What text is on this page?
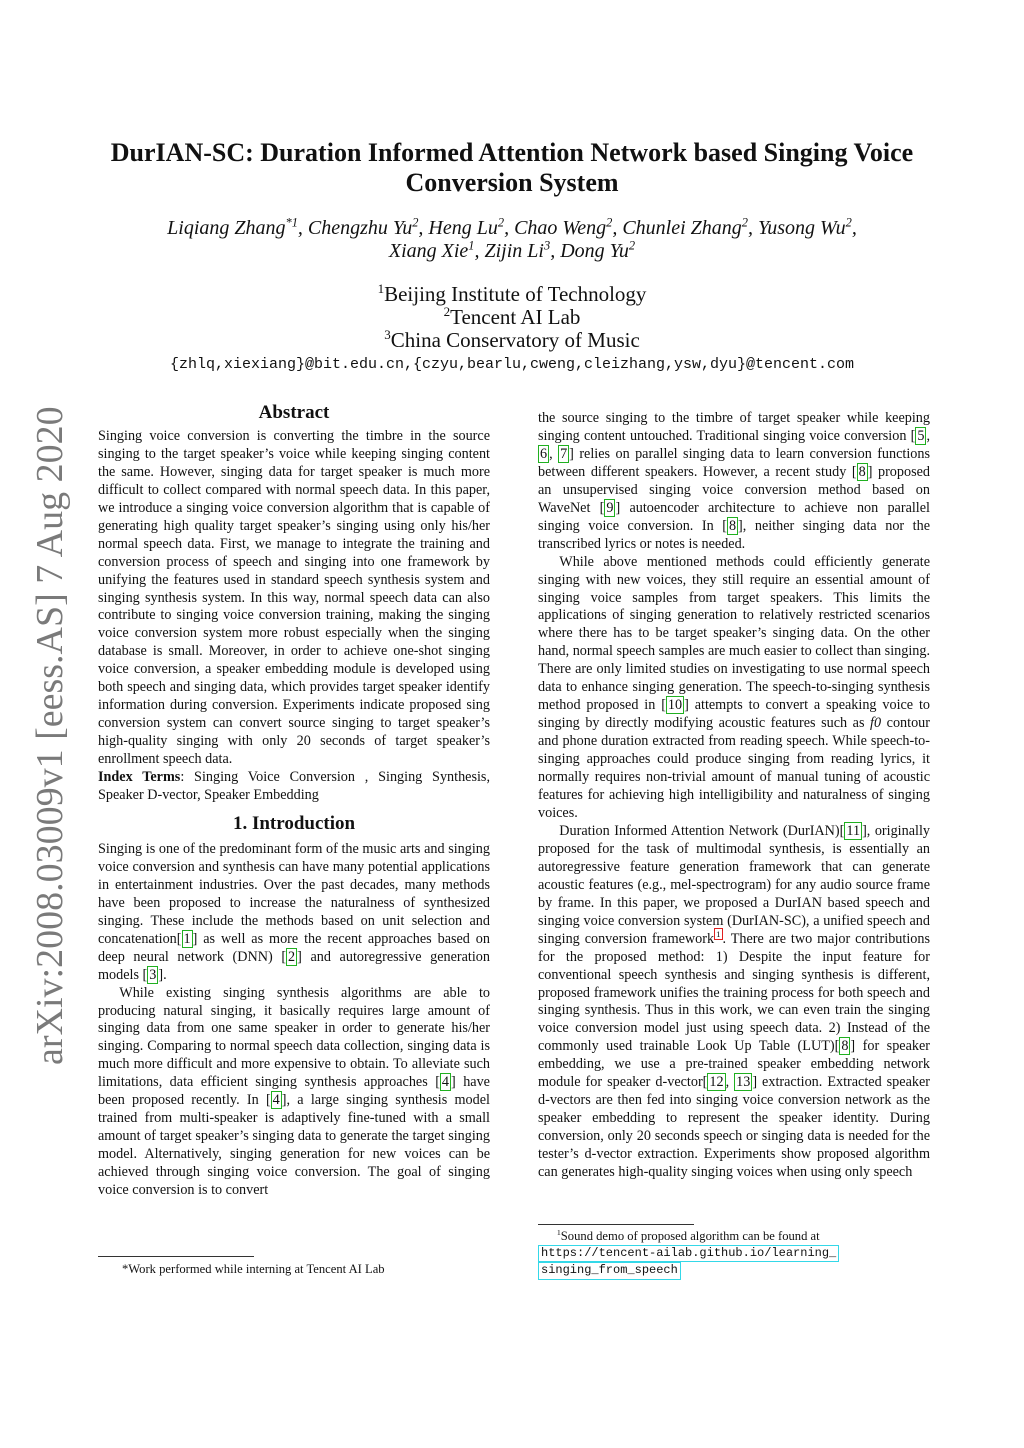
arXiv:2008.03009v1 [eess.AS] 7 Aug 2020
DurIAN-SC: Duration Informed Attention Network based Singing Voice
Conversion System
Liqiang Zhang$^{*1}$, Chengzhu Yu$^2$, Heng Lu$^2$, Chao Weng$^2$, Chunlei Zhang$^2$, Yusong Wu$^2$,
Xiang Xie$^1$, Zijin Li$^3$, Dong Yu$^2$
$^1$Beijing Institute of Technology
$^2$Tencent AI Lab
$^3$China Conservatory of Music
{zhlq,xiexiang}@bit.edu.cn,{czyu,bearlu,cweng,cleizhang,ysw,dyu}@tencent.com
Abstract

Singing voice conversion is converting the timbre in the source singing to the target speaker’s voice while keeping singing content the same. However, singing data for target speaker is much more difficult to collect compared with normal speech data. In this paper, we introduce a singing voice conversion algorithm that is capable of generating high quality target speaker’s singing using only his/her normal speech data. First, we manage to integrate the training and conversion process of speech and singing into one framework by unifying the features used in standard speech synthesis system and singing synthesis system. In this way, normal speech data can also contribute to singing voice conversion training, making the singing voice conversion system more robust especially when the singing database is small. Moreover, in order to achieve one-shot singing voice conversion, a speaker embedding module is developed using both speech and singing data, which provides target speaker identify information during conversion. Experiments indicate proposed sing conversion system can convert source singing to target speaker’s high-quality singing with only 20 seconds of target speaker’s enrollment speech data.

Index Terms: Singing Voice Conversion , Singing Synthesis, Speaker D-vector, Speaker Embedding

1. Introduction

Singing is one of the predominant form of the music arts and singing voice conversion and synthesis can have many potential applications in entertainment industries. Over the past decades, many methods have been proposed to increase the naturalness of synthesized singing. These include the methods based on unit selection and concatenation[ 1 ] as well as more the recent approaches based on deep neural network (DNN) [ 2 ] and autoregressive generation models [ 3 ].

While existing singing synthesis algorithms are able to producing natural singing, it basically requires large amount of singing data from one same speaker in order to generate his/her singing. Comparing to normal speech data collection, singing data is much more difficult and more expensive to obtain. To alleviate such limitations, data efficient singing synthesis approaches [ 4 ] have been proposed recently. In [ 4 ], a large singing synthesis model trained from multi-speaker is adaptively fine-tuned with a small amount of target speaker’s singing data to generate the target singing model. Alternatively, singing generation for new voices can be achieved through singing voice conversion. The goal of singing voice conversion is to convert

*Work performed while interning at Tencent AI Lab

the source singing to the timbre of target speaker while keeping singing content untouched. Traditional singing voice conversion [ 5 , 6 , 7 ] relies on parallel singing data to learn conversion functions between different speakers. However, a recent study [ 8 ] proposed an unsupervised singing voice conversion method based on WaveNet [ 9 ] autoencoder architecture to achieve non parallel singing voice conversion. In [ 8 ], neither singing data nor the transcribed lyrics or notes is needed.

While above mentioned methods could efficiently generate singing with new voices, they still require an essential amount of singing voice samples from target speakers. This limits the applications of singing generation to relatively restricted scenarios where there has to be target speaker’s singing data. On the other hand, normal speech samples are much easier to collect than singing. There are only limited studies on investigating to use normal speech data to enhance singing generation. The speech-to-singing synthesis method proposed in [ 10 ] attempts to convert a speaking voice to singing by directly modifying acoustic features such as f0 contour and phone duration extracted from reading speech. While speech-to-singing approaches could produce singing from reading lyrics, it normally requires non-trivial amount of manual tuning of acoustic features for achieving high intelligibility and naturalness of singing voices.

Duration Informed Attention Network (DurIAN)[ 11 ], originally proposed for the task of multimodal synthesis, is essentially an autoregressive feature generation framework that can generate acoustic features (e.g., mel-spectrogram) for any audio source frame by frame. In this paper, we proposed a DurIAN based speech and singing voice conversion system (DurIAN-SC), a unified speech and singing conversion framework $^1$ . There are two major contributions for the proposed method: 1) Despite the input feature for conventional speech synthesis and singing synthesis is different, proposed framework unifies the training process for both speech and singing synthesis. Thus in this work, we can even train the singing voice conversion model just using speech data. 2) Instead of the commonly used trainable Look Up Table (LUT)[ 8 ] for speaker embedding, we use a pre-trained speaker embedding network module for speaker d-vector[ 12 , 13 ] extraction. Extracted speaker d-vectors are then fed into singing voice conversion network as the speaker embedding to represent the speaker identity. During conversion, only 20 seconds speech or singing data is needed for the tester’s d-vector extraction. Experiments show proposed algorithm can generates high-quality singing voices when using only speech

$^1$Sound demo of proposed algorithm can be found at
https://tencent-ailab.github.io/learning_
singing_from_speech
